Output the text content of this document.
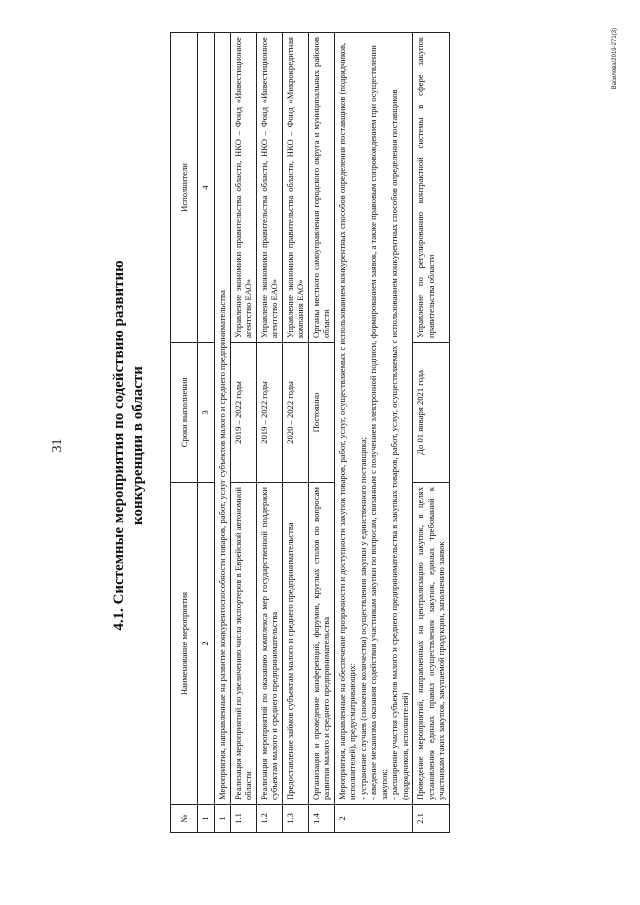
31	4.1. Системные мероприятия по содействию развитию конкуренции в области
№	Наименование мероприятия	Сроки выполнения	Исполнители
1	2	3	4
1	Мероприятия, направленные на развитие конкурентоспособности товаров, работ, услуг субъектов малого и среднего предпринимательства		
1.1	Реализация мероприятий по увеличению числа экспортеров в Еврейской автономной области	2019 – 2022 годы	Управление экономики правительства области, НКО – Фонд «Инвестиционное агентство ЕАО»
1.2	Реализация мероприятий по оказанию комплекса мер государственной поддержки субъектам малого и среднего предпринимательства	2019 – 2022 годы	Управление экономики правительства области, НКО – Фонд «Инвестиционное агентство ЕАО»
1.3	Предоставление займов субъектам малого и среднего предпринимательства	2020 – 2022 годы	Управление экономики правительства области, НКО – Фонд «Микрокредитная компания ЕАО»
1.4	Организация и проведение конференций, форумов, круглых столов по вопросам развития малого и среднего предпринимательства	Постоянно	Органы местного самоуправления городского округа и муниципальных районов области
2	Мероприятия, направленные на обеспечение прозрачности и доступности закупок товаров, работ, услуг, осуществляемых с использованием конкурентных способов определения поставщиков (подрядчиков, исполнителей), предусматривающих: - устранение случаев (снижение количества) осуществления закупки у единственного поставщика; - введение механизма оказания содействия участникам закупки по вопросам, связанным с получением электронной подписи, формированием заявок, а также правовым сопровождением при осуществлении закупок; - расширение участия субъектов малого и среднего предпринимательства в закупках товаров, работ, услуг, осуществляемых с использованием конкурентных способов определения поставщиков (подрядчиков, исполнителей)		

2.1	Проведение мероприятий, направленных на централизацию закупок, в целях установления единых правил осуществления закупок, единых требований к участникам таких закупок, закупаемой продукции, заполнению заявок	До 01 января 2021 года	Управление по регулированию контрактной системы в сфере закупок правительства области
Василова/2019-271(3)
